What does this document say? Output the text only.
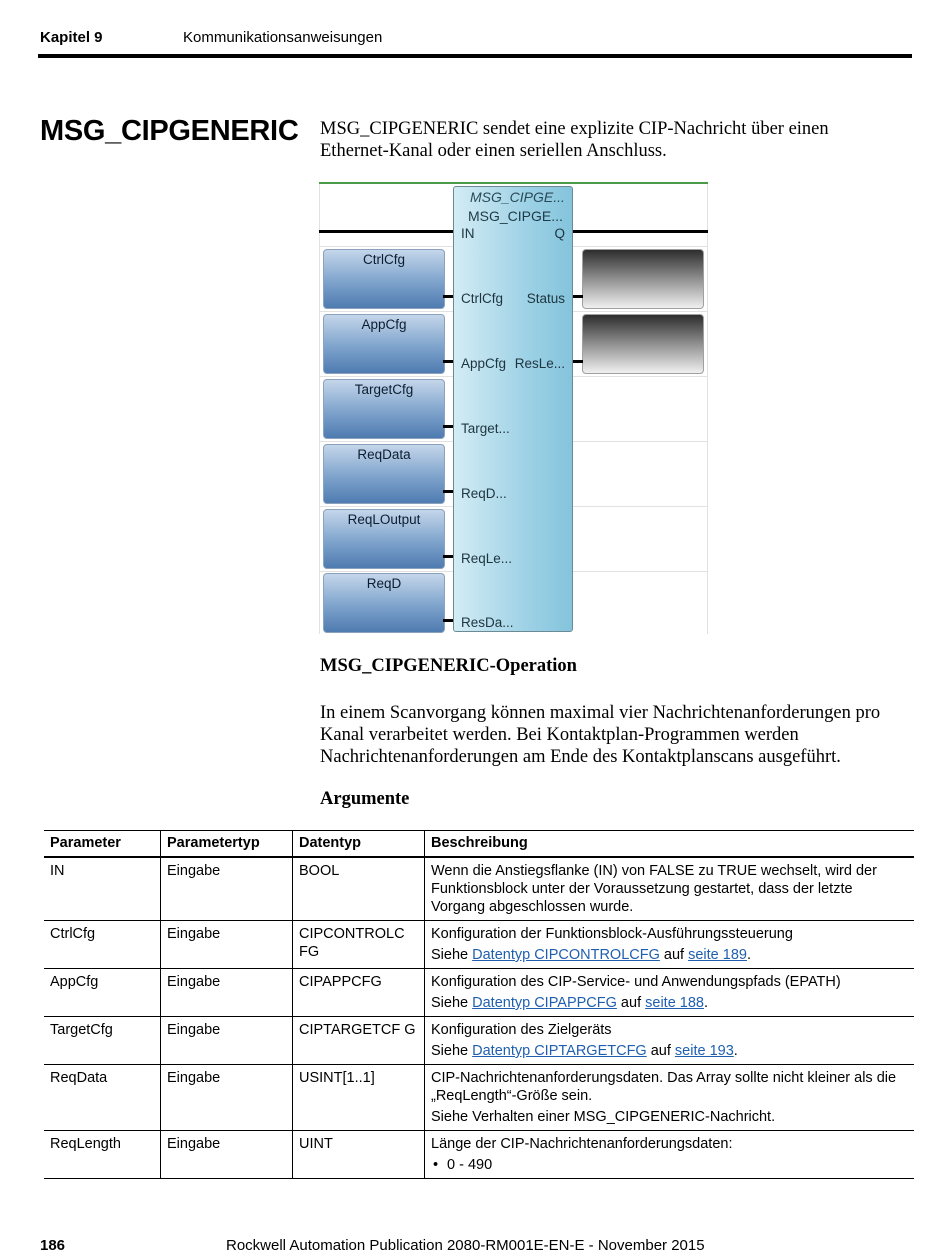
Kapitel 9	Kommunikationsanweisungen
MSG_CIPGENERIC MSG_CIPGENERIC sendet eine explizite CIP-Nachricht über einen Ethernet-Kanal oder einen seriellen Anschluss.
CtrlCfg
AppCfg
TargetCfg
ReqData
ReqLOutput
ReqD
MSG_CIPGE...
MSG_CIPGE...
IN	Q
CtrlCfg
AppCfg
Target...
ReqD...
ReqLe...
ResDa...
Status
ResLe...
MSG_CIPGENERIC-Operation
In einem Scanvorgang können maximal vier Nachrichtenanforderungen pro Kanal verarbeitet werden. Bei Kontaktplan-Programmen werden Nachrichtenanforderungen am Ende des Kontaktplanscans ausgeführt.
Argumente
Parameter	Parametertyp	Datentyp	Beschreibung
IN	Eingabe	BOOL	Wenn die Anstiegsflanke (IN) von FALSE zu TRUE wechselt, wird der Funktionsblock unter der Voraussetzung gestartet, dass der letzte Vorgang abgeschlossen wurde.
CtrlCfg	Eingabe	CIPCONTROLC FG	Konfiguration der Funktionsblock-Ausführungssteuerung
Siehe Datentyp CIPCONTROLCFG auf seite 189.

AppCfg	Eingabe	CIPAPPCFG	Konfiguration des CIP-Service- und Anwendungspfads (EPATH)
Siehe Datentyp CIPAPPCFG auf seite 188.

TargetCfg	Eingabe	CIPTARGETCF G	Konfiguration des Zielgeräts
Siehe Datentyp CIPTARGETCFG auf seite 193.

ReqData	Eingabe	USINT[1..1]	CIP-Nachrichtenanforderungsdaten. Das Array sollte nicht kleiner als die „ReqLength“-Größe sein.
Siehe Verhalten einer MSG_CIPGENERIC-Nachricht.

ReqLength	Eingabe	UINT	Länge der CIP-Nachrichtenanforderungsdaten:
• 0 - 490
186	Rockwell Automation Publication 2080-RM001E-EN-E - November 2015
